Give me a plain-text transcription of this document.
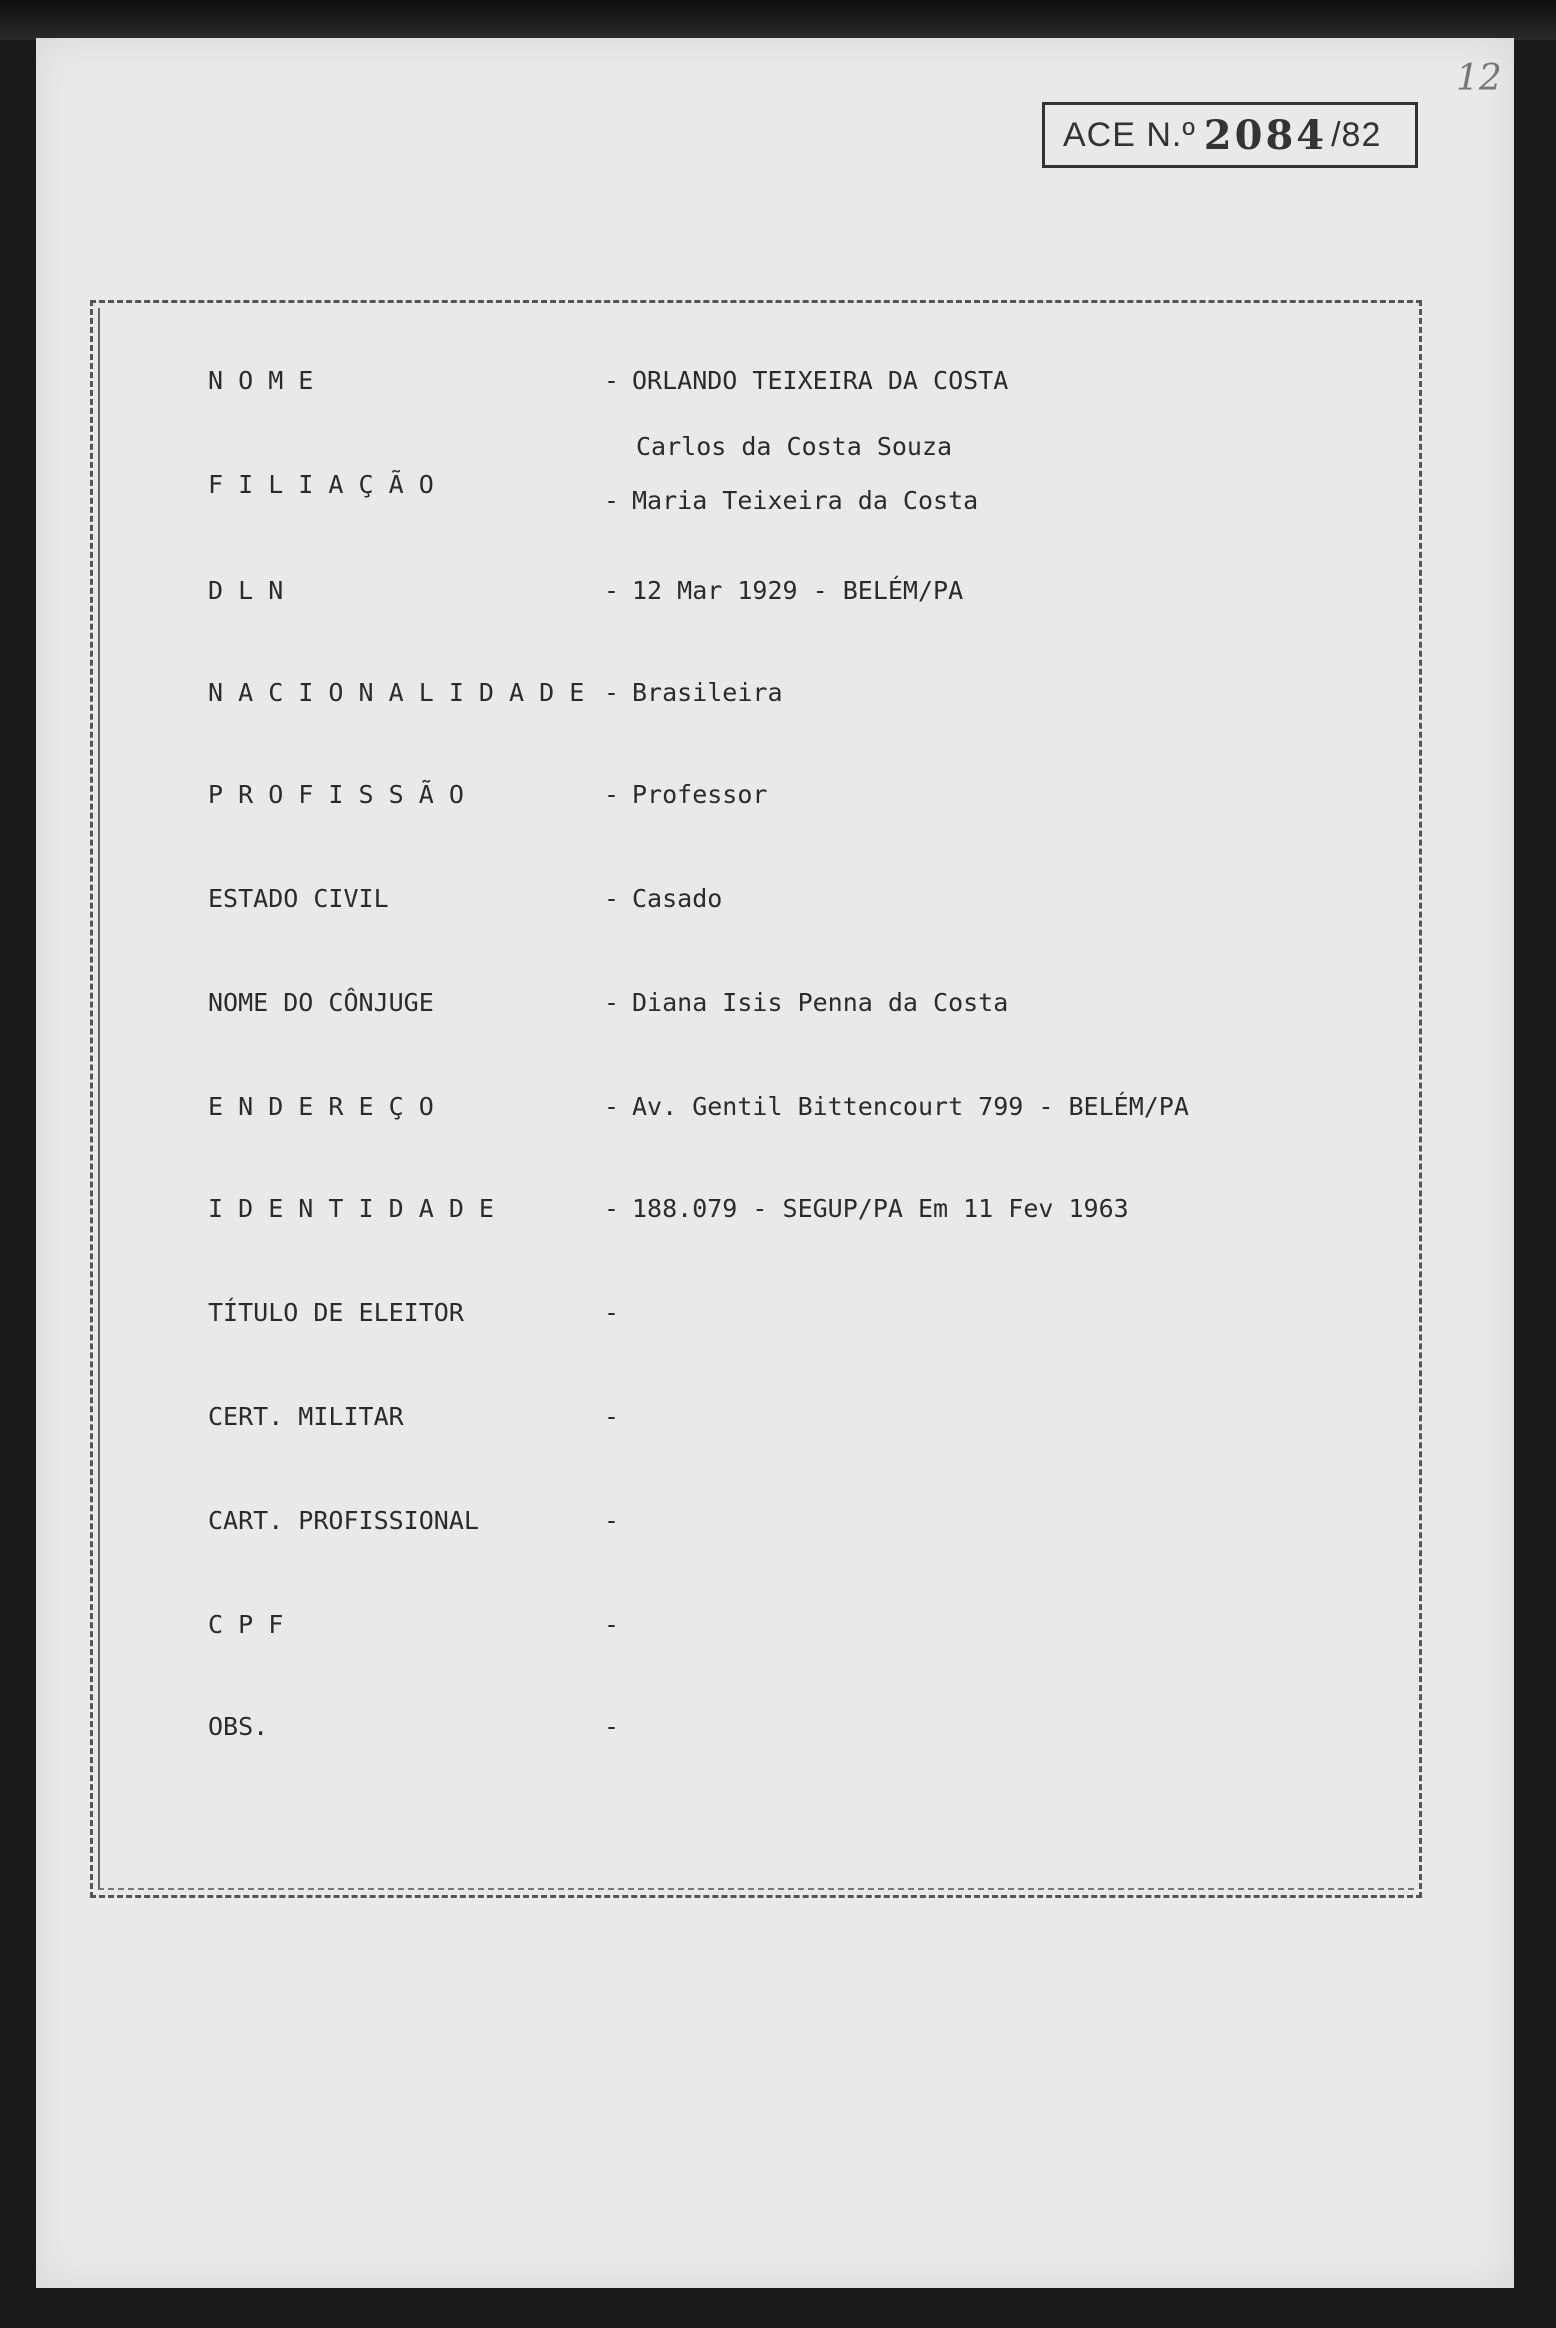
ACE N.º 2084 /82
12
N O M E	- ORLANDO TEIXEIRA DA COSTA
F I L I A Ç Ã O
Carlos da Costa Souza
- Maria Teixeira da Costa
D L N	- 12 Mar 1929 - BELÉM/PA
N A C I O N A L I D A D E - Brasileira
P R O F I S S Ã O	- Professor
ESTADO CIVIL	- Casado
NOME DO CÔNJUGE	- Diana Isis Penna da Costa
E N D E R E Ç O	- Av. Gentil Bittencourt 799 - BELÉM/PA
I D E N T I D A D E	- 188.079 - SEGUP/PA Em 11 Fev 1963
TÍTULO DE ELEITOR	-
CERT. MILITAR	-
CART. PROFISSIONAL	-
C P F	-
OBS.	-
